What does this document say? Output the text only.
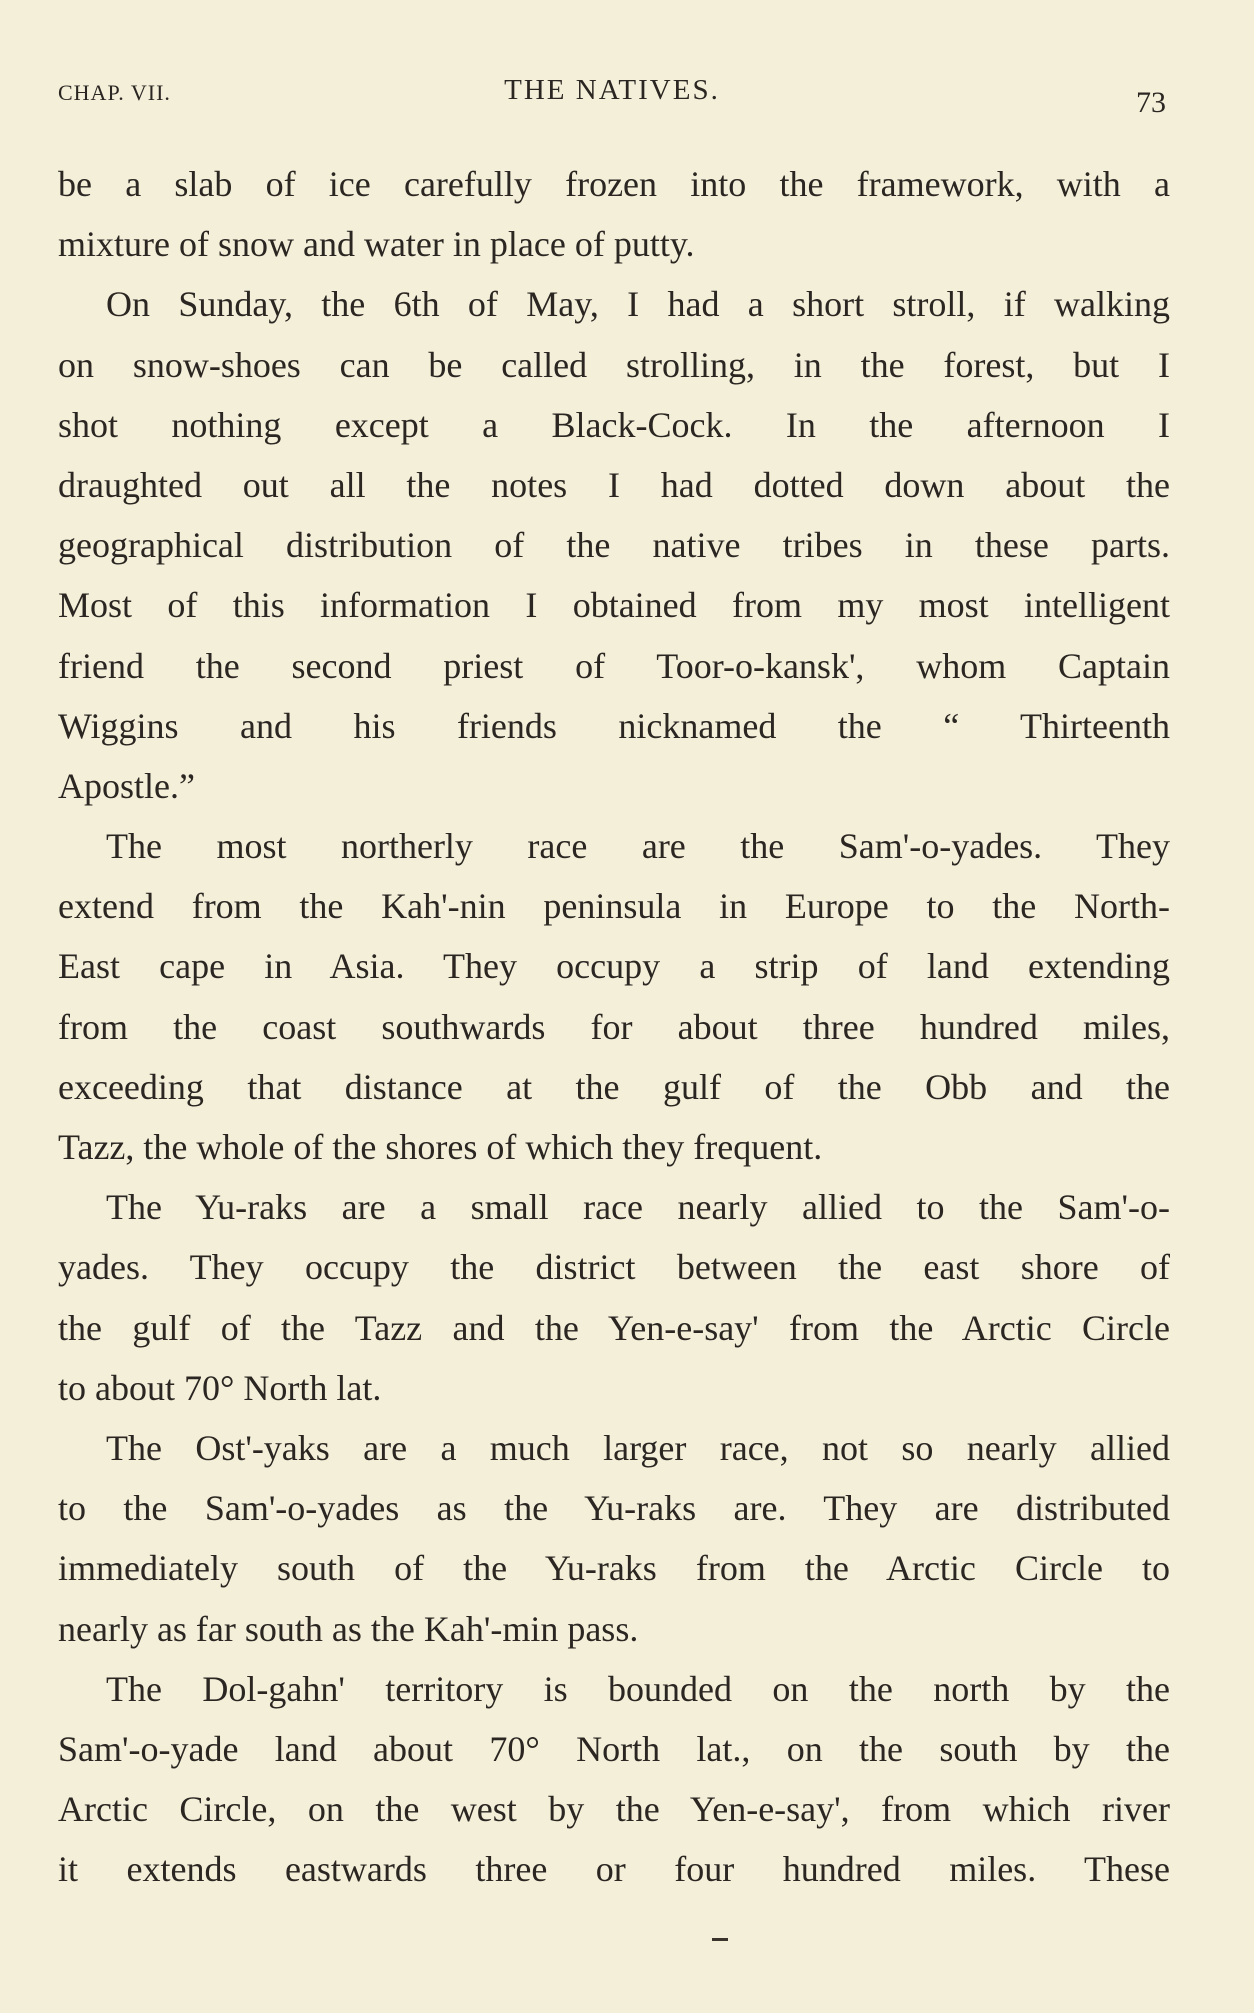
CHAP. VII.	THE NATIVES.	73
be a slab of ice carefully frozen into the framework, with a
mixture of snow and water in place of putty.
On Sunday, the 6th of May, I had a short stroll, if walking
on snow-shoes can be called strolling, in the forest, but I
shot nothing except a Black-Cock. In the afternoon I
draughted out all the notes I had dotted down about the
geographical distribution of the native tribes in these parts.
Most of this information I obtained from my most intelligent
friend the second priest of Toor-o-kansk', whom Captain
Wiggins and his friends nicknamed the “ Thirteenth
Apostle.”
The most northerly race are the Sam'-o-yades. They
extend from the Kah'-nin peninsula in Europe to the North-
East cape in Asia. They occupy a strip of land extending
from the coast southwards for about three hundred miles,
exceeding that distance at the gulf of the Obb and the
Tazz, the whole of the shores of which they frequent.
The Yu-raks are a small race nearly allied to the Sam'-o-
yades. They occupy the district between the east shore of
the gulf of the Tazz and the Yen-e-say' from the Arctic Circle
to about 70° North lat.
The Ost'-yaks are a much larger race, not so nearly allied
to the Sam'-o-yades as the Yu-raks are. They are distributed
immediately south of the Yu-raks from the Arctic Circle to
nearly as far south as the Kah'-min pass.
The Dol-gahn' territory is bounded on the north by the
Sam'-o-yade land about 70° North lat., on the south by the
Arctic Circle, on the west by the Yen-e-say', from which river
it extends eastwards three or four hundred miles. These
